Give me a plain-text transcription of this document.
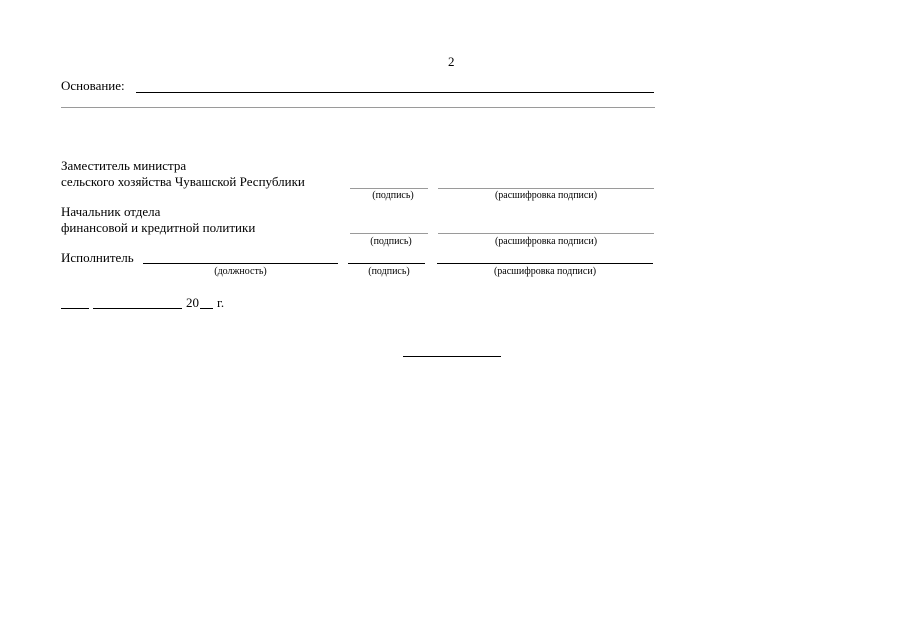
2
Основание:
Заместитель министра
сельского хозяйства Чувашской Республики
(подпись)	(расшифровка подписи)
Начальник отдела
финансовой и кредитной политики
(подпись)	(расшифровка подписи)
Исполнитель
(должность)	(подпись)	(расшифровка подписи)
20 г.
